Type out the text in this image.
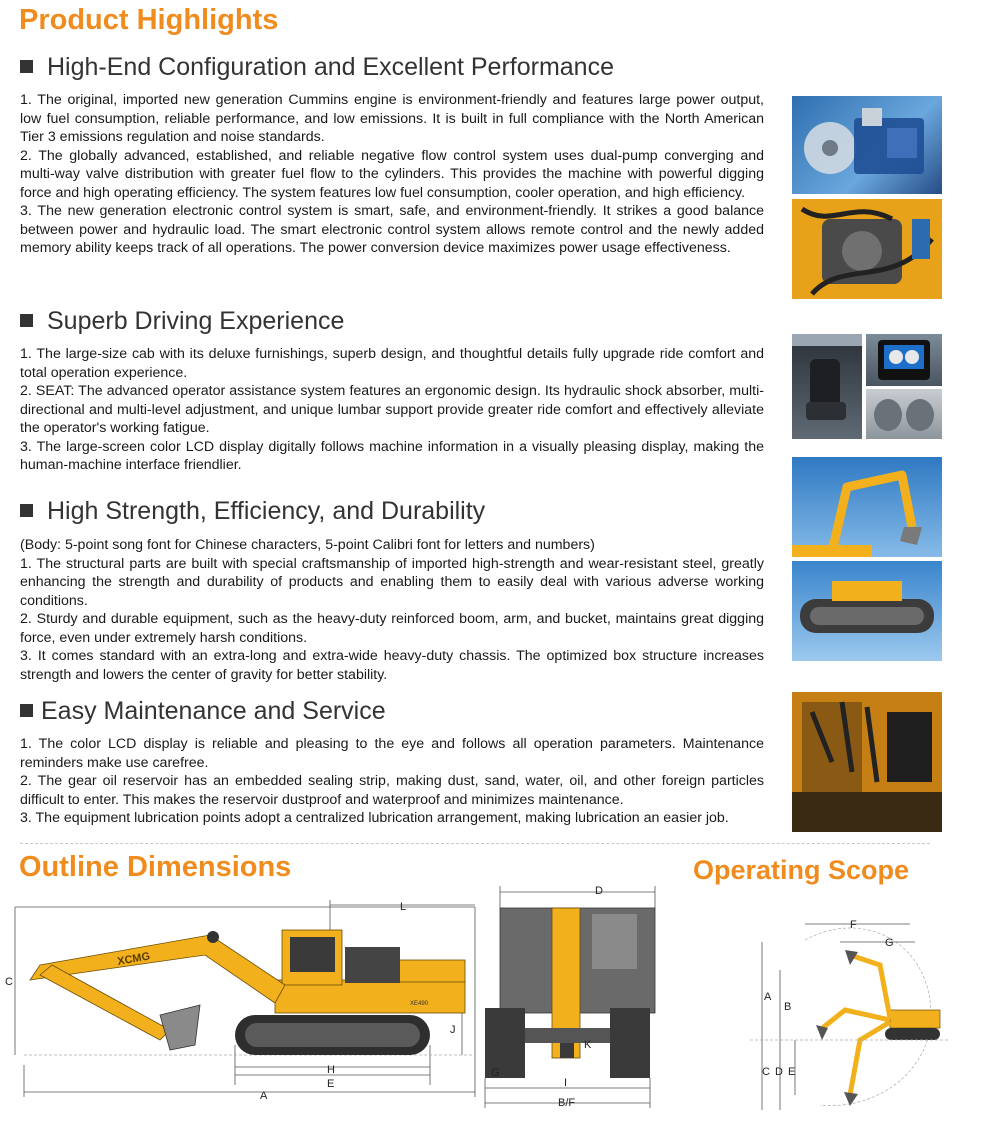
Product Highlights
High-End Configuration and Excellent Performance

1. The original, imported new generation Cummins engine is environment-friendly and features large power output, low fuel consumption, reliable performance, and low emissions. It is built in full compliance with the North American Tier 3 emissions regulation and noise standards.

2. The globally advanced, established, and reliable negative flow control system uses dual-pump converging and multi-way valve distribution with greater fuel flow to the cylinders. This provides the machine with powerful digging force and high operating efficiency. The system features low fuel consumption, cooler operation, and high efficiency.

3. The new generation electronic control system is smart, safe, and environment-friendly. It strikes a good balance between power and hydraulic load. The smart electronic control system allows remote control and the newly added memory ability keeps track of all operations. The power conversion device maximizes power usage effectiveness.

Superb Driving Experience

1. The large-size cab with its deluxe furnishings, superb design, and thoughtful details fully upgrade ride comfort and total operation experience.

2. SEAT: The advanced operator assistance system features an ergonomic design. Its hydraulic shock absorber, multi-directional and multi-level adjustment, and unique lumbar support provide greater ride comfort and effectively alleviate the operator's working fatigue.

3. The large-screen color LCD display digitally follows machine information in a visually pleasing display, making the human-machine interface friendlier.

High Strength, Efficiency, and Durability

(Body: 5-point song font for Chinese characters, 5-point Calibri font for letters and numbers)

1. The structural parts are built with special craftsmanship of imported high-strength and wear-resistant steel, greatly enhancing the strength and durability of products and enabling them to easily deal with various adverse working conditions.

2. Sturdy and durable equipment, such as the heavy-duty reinforced boom, arm, and bucket, maintains great digging force, even under extremely harsh conditions.

3. It comes standard with an extra-long and extra-wide heavy-duty chassis. The optimized box structure increases strength and lowers the center of gravity for better stability.

Easy Maintenance and Service

1. The color LCD display is reliable and pleasing to the eye and follows all operation parameters. Maintenance reminders make use carefree.

2. The gear oil reservoir has an embedded sealing strip, making dust, sand, water, oil, and other foreign particles difficult to enter. This makes the reservoir dustproof and waterproof and minimizes maintenance.

3. The equipment lubrication points adopt a centralized lubrication arrangement, making lubrication an easier job.

Outline Dimensions	Operating Scope
A
C
E
H
J
L
XE490
XCMG
D
G
I
K
B/F
F
G
A
B
C D E
